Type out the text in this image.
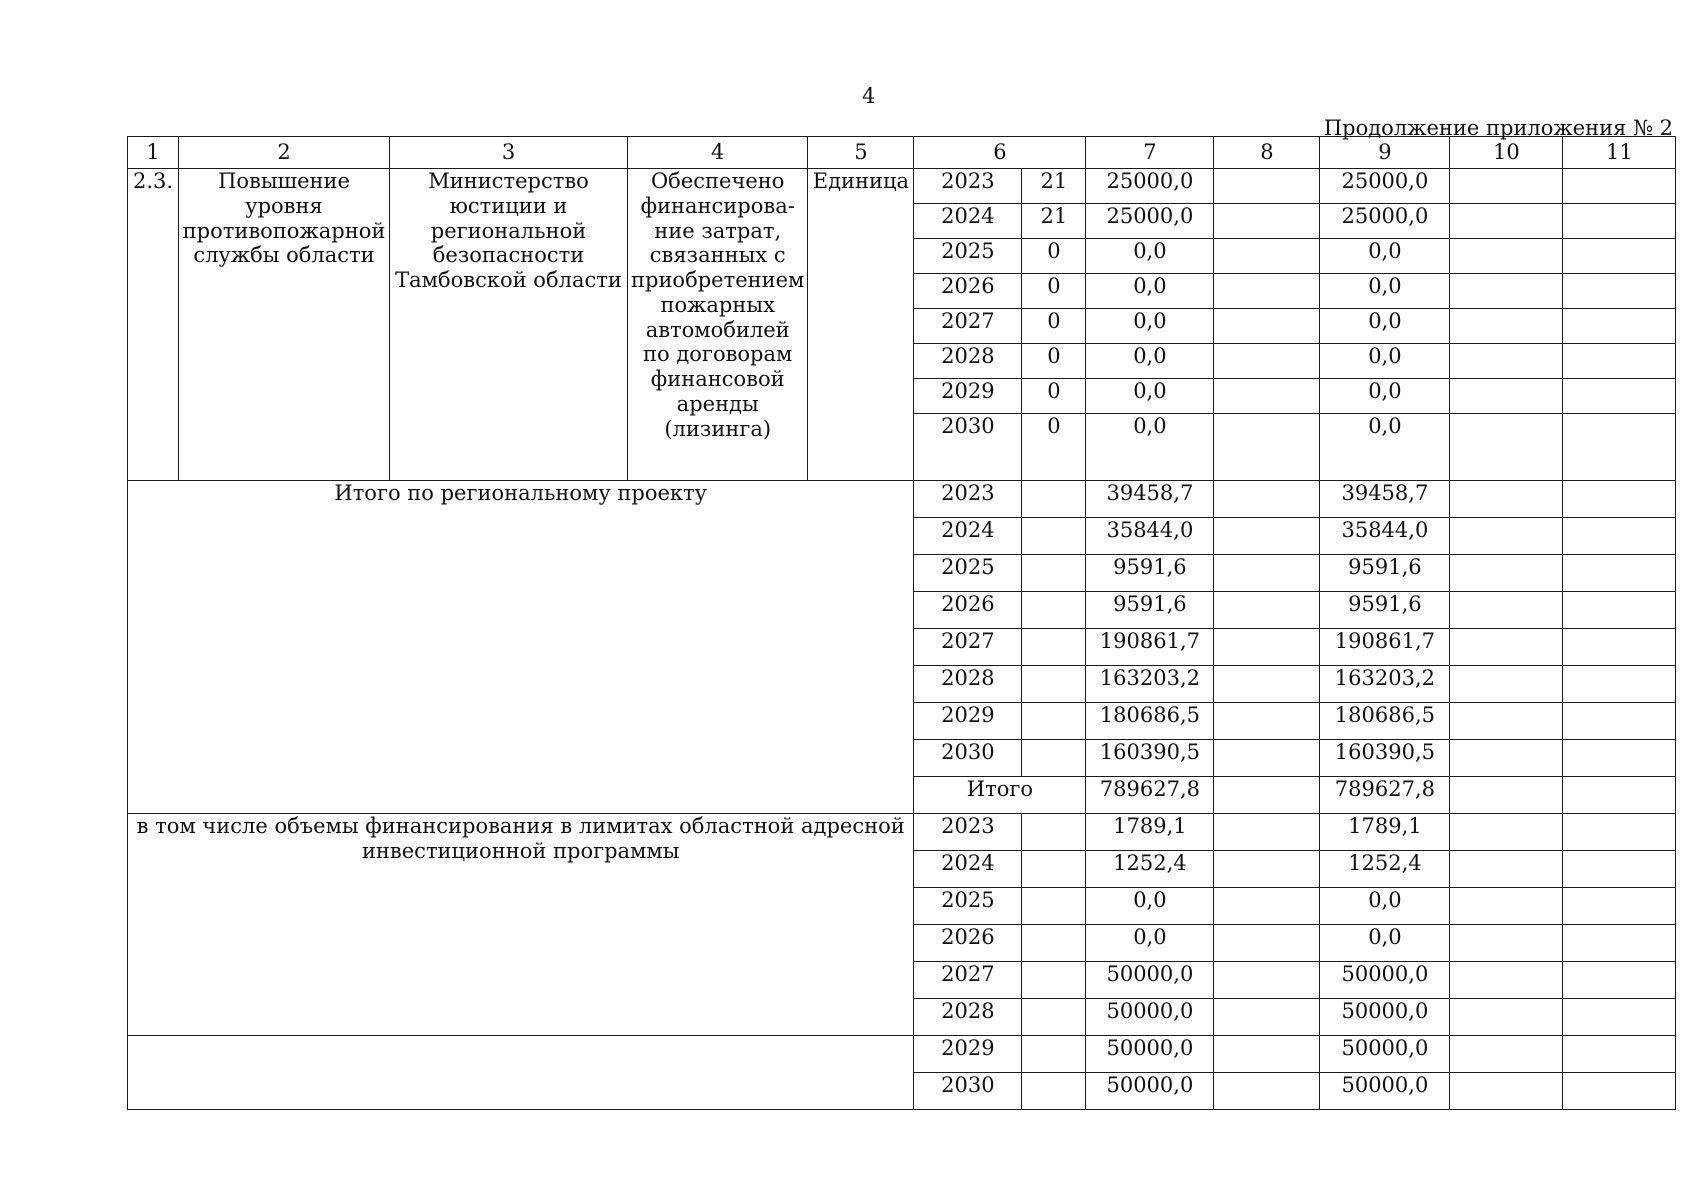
4
Продолжение приложения № 2
1	2	3	4	5	6		7	8	9	10	11
2.3.	Повышение уровня противопожарной службы области	Министерство юстиции и региональной безопасности Тамбовской области	Обеспечено финансирова-ние затрат, связанных с приобретением пожарных автомобилей по договорам финансовой аренды (лизинга)	Единица	2023	21	25000,0		25000,0		
					2024	21	25000,0		25000,0		
					2025	0	0,0		0,0		
					2026	0	0,0		0,0		
					2027	0	0,0		0,0		
					2028	0	0,0		0,0		
					2029	0	0,0		0,0		
					2030	0	0,0		0,0		
Итого по региональному проекту					2023		39458,7		39458,7		
					2024		35844,0		35844,0		
					2025		9591,6		9591,6		
					2026		9591,6		9591,6		
					2027		190861,7		190861,7		
					2028		163203,2		163203,2		
					2029		180686,5		180686,5		
					2030		160390,5		160390,5		
					Итого		789627,8		789627,8		
в том числе объемы финансирования в лимитах областной адресной инвестиционной программы					2023		1789,1		1789,1		
					2024		1252,4		1252,4		
					2025		0,0		0,0		
					2026		0,0		0,0		
					2027		50000,0		50000,0		
					2028		50000,0		50000,0		
					2029		50000,0		50000,0		
					2030		50000,0		50000,0		
